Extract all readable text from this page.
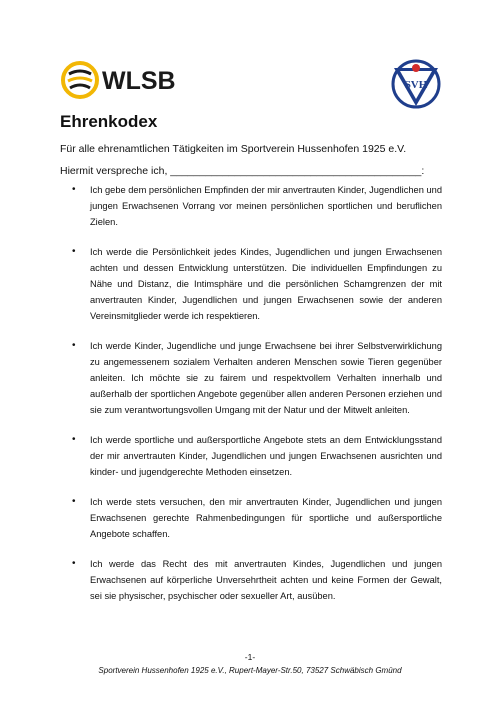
WLSB	SVH
Ehrenkodex
Für alle ehrenamtlichen Tätigkeiten im Sportverein Hussenhofen 1925 e.V.
Hiermit verspreche ich, ___________________________________________:
• Ich gebe dem persönlichen Empfinden der mir anvertrauten Kinder, Jugendlichen und jungen Erwachsenen Vorrang vor meinen persönlichen sportlichen und beruflichen Zielen.
• Ich werde die Persönlichkeit jedes Kindes, Jugendlichen und jungen Erwachsenen achten und dessen Entwicklung unterstützen. Die individuellen Empfindungen zu Nähe und Distanz, die Intimsphäre und die persönlichen Schamgrenzen der mit anvertrauten Kinder, Jugendlichen und jungen Erwachsenen sowie der anderen Vereinsmitglieder werde ich respektieren.
• Ich werde Kinder, Jugendliche und junge Erwachsene bei ihrer Selbstverwirklichung zu angemessenem sozialem Verhalten anderen Menschen sowie Tieren gegenüber anleiten. Ich möchte sie zu fairem und respektvollem Verhalten innerhalb und außerhalb der sportlichen Angebote gegenüber allen anderen Personen erziehen und sie zum verantwortungsvollen Umgang mit der Natur und der Mitwelt anleiten.
• Ich werde sportliche und außersportliche Angebote stets an dem Entwicklungsstand der mir anvertrauten Kinder, Jugendlichen und jungen Erwachsenen ausrichten und kinder- und jugendgerechte Methoden einsetzen.
• Ich werde stets versuchen, den mir anvertrauten Kinder, Jugendlichen und jungen Erwachsenen gerechte Rahmenbedingungen für sportliche und außersportliche Angebote schaffen.
• Ich werde das Recht des mit anvertrauten Kindes, Jugendlichen und jungen Erwachsenen auf körperliche Unversehrtheit achten und keine Formen der Gewalt, sei sie physischer, psychischer oder sexueller Art, ausüben.
-1-
Sportverein Hussenhofen 1925 e.V., Rupert-Mayer-Str.50, 73527 Schwäbisch Gmünd
